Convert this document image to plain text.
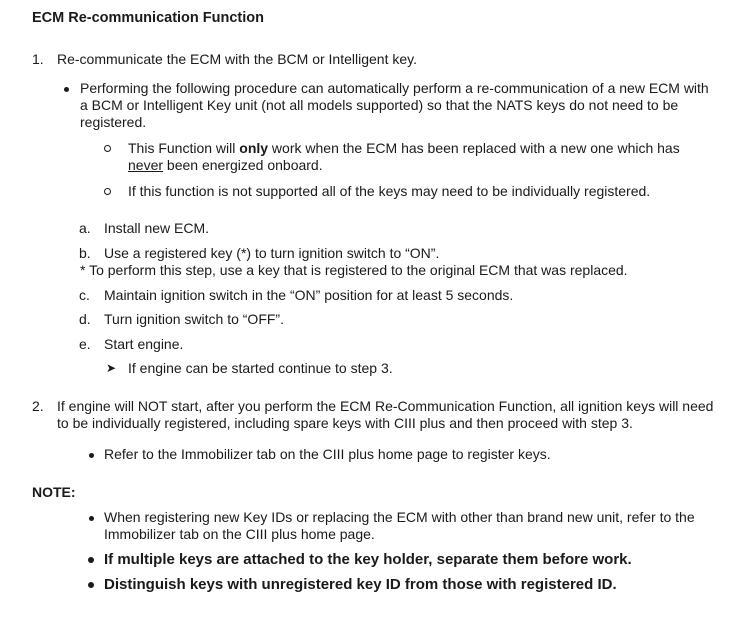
ECM Re-communication Function
1. Re-communicate the ECM with the BCM or Intelligent key.
Performing the following procedure can automatically perform a re-communication of a new ECM with
a BCM or Intelligent Key unit (not all models supported) so that the NATS keys do not need to be
registered.
This Function will only work when the ECM has been replaced with a new one which has
never been energized onboard.
If this function is not supported all of the keys may need to be individually registered.
a. Install new ECM.
b. Use a registered key (*) to turn ignition switch to “ON”.
* To perform this step, use a key that is registered to the original ECM that was replaced.
c. Maintain ignition switch in the “ON” position for at least 5 seconds.
d. Turn ignition switch to “OFF”.
e. Start engine.
➤ If engine can be started continue to step 3.
2. If engine will NOT start, after you perform the ECM Re-Communication Function, all ignition keys will need
to be individually registered, including spare keys with CIII plus and then proceed with step 3.
Refer to the Immobilizer tab on the CIII plus home page to register keys.
NOTE:
When registering new Key IDs or replacing the ECM with other than brand new unit, refer to the
Immobilizer tab on the CIII plus home page.
If multiple keys are attached to the key holder, separate them before work.
Distinguish keys with unregistered key ID from those with registered ID.
